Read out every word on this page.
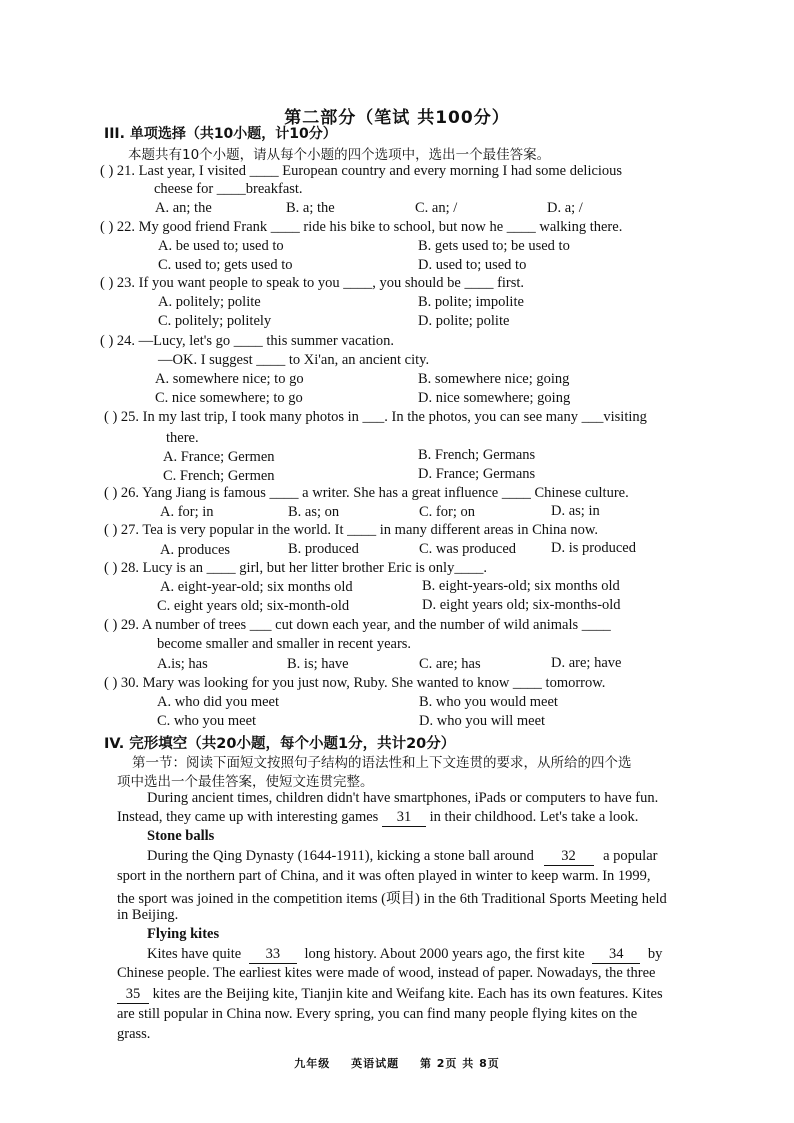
第二部分（笔试 共100分）
III. 单项选择（共10小题，计10分）
本题共有10个小题，请从每个小题的四个选项中，选出一个最佳答案。
( ) 21. Last year, I visited ____ European country and every morning I had some delicious
cheese for ____breakfast.
A. an; the	B. a; the	C. an; /	D. a; /
( ) 22. My good friend Frank ____ ride his bike to school, but now he ____ walking there.
A. be used to; used to	B. gets used to; be used to
C. used to; gets used to	D. used to; used to
( ) 23. If you want people to speak to you ____, you should be ____ first.
A. politely; polite	B. polite; impolite
C. politely; politely	D. polite; polite
( ) 24. —Lucy, let's go ____ this summer vacation.
—OK. I suggest ____ to Xi'an, an ancient city.
A. somewhere nice; to go	B. somewhere nice; going
C. nice somewhere; to go	D. nice somewhere; going
( ) 25. In my last trip, I took many photos in ___. In the photos, you can see many ___visiting
there.
A. France; Germen	B. French; Germans
C. French; Germen	D. France; Germans
( ) 26. Yang Jiang is famous ____ a writer. She has a great influence ____ Chinese culture.
A. for; in	B. as; on	C. for; on	D. as; in
( ) 27. Tea is very popular in the world. It ____ in many different areas in China now.
A. produces	B. produced	C. was produced D. is produced
( ) 28. Lucy is an ____ girl, but her litter brother Eric is only____.
A. eight-year-old; six months old	B. eight-years-old; six months old
C. eight years old; six-month-old	D. eight years old; six-months-old
( ) 29. A number of trees ___ cut down each year, and the number of wild animals ____
become smaller and smaller in recent years.
A.is; has	B. is; have	C. are; has	D. are; have
( ) 30. Mary was looking for you just now, Ruby. She wanted to know ____ tomorrow.
A. who did you meet	B. who you would meet
C. who you meet	D. who you will meet
IV. 完形填空（共20小题，每个小题1分，共计20分）
第一节：阅读下面短文按照句子结构的语法性和上下文连贯的要求，从所给的四个选
项中选出一个最佳答案，使短文连贯完整。
During ancient times, children didn't have smartphones, iPads or computers to have fun.
Instead, they came up with interesting games 31 in their childhood. Let's take a look.
Stone balls
During the Qing Dynasty (1644-1911), kicking a stone ball around 32 a popular
sport in the northern part of China, and it was often played in winter to keep warm. In 1999,
the sport was joined in the competition items (项目) in the 6th Traditional Sports Meeting held
in Beijing.
Flying kites
Kites have quite 33 long history. About 2000 years ago, the first kite 34 by
Chinese people. The earliest kites were made of wood, instead of paper. Nowadays, the three
35 kites are the Beijing kite, Tianjin kite and Weifang kite. Each has its own features. Kites
are still popular in China now. Every spring, you can find many people flying kites on the
grass.
九年级 英语试题 第 2页 共 8页
